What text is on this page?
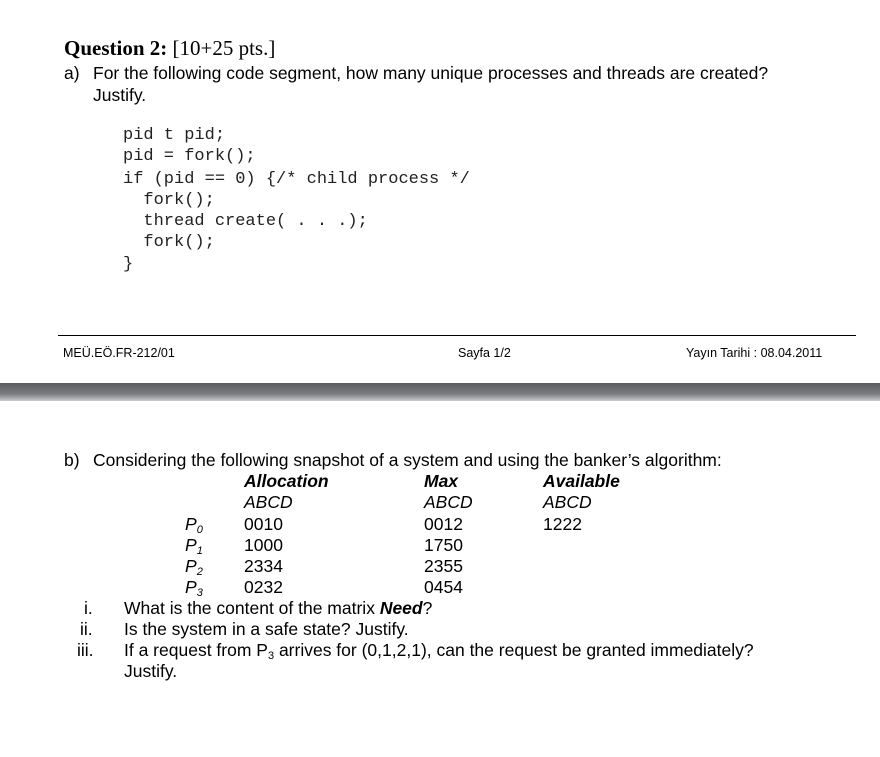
Question 2: [10+25 pts.]
a) For the following code segment, how many unique processes and threads are created?
Justify.
pid t pid;
pid = fork();
if (pid == 0) {/* child process */
fork();
thread create( . . .);
fork();
}
MEÜ.EÖ.FR-212/01	Sayfa 1/2	Yayın Tarihi : 08.04.2011
b) Considering the following snapshot of a system and using the banker’s algorithm:
Allocation	Max	Available
ABCD	ABCD	ABCD
$P_0$ 0010	0012	1222
$P_1$ 1000	1750
$P_2$ 2334	2355
$P_3$ 0232	0454
i. What is the content of the matrix Need?
ii. Is the system in a safe state? Justify.
iii. If a request from $P_3$ arrives for (0,1,2,1), can the request be granted immediately?
Justify.
